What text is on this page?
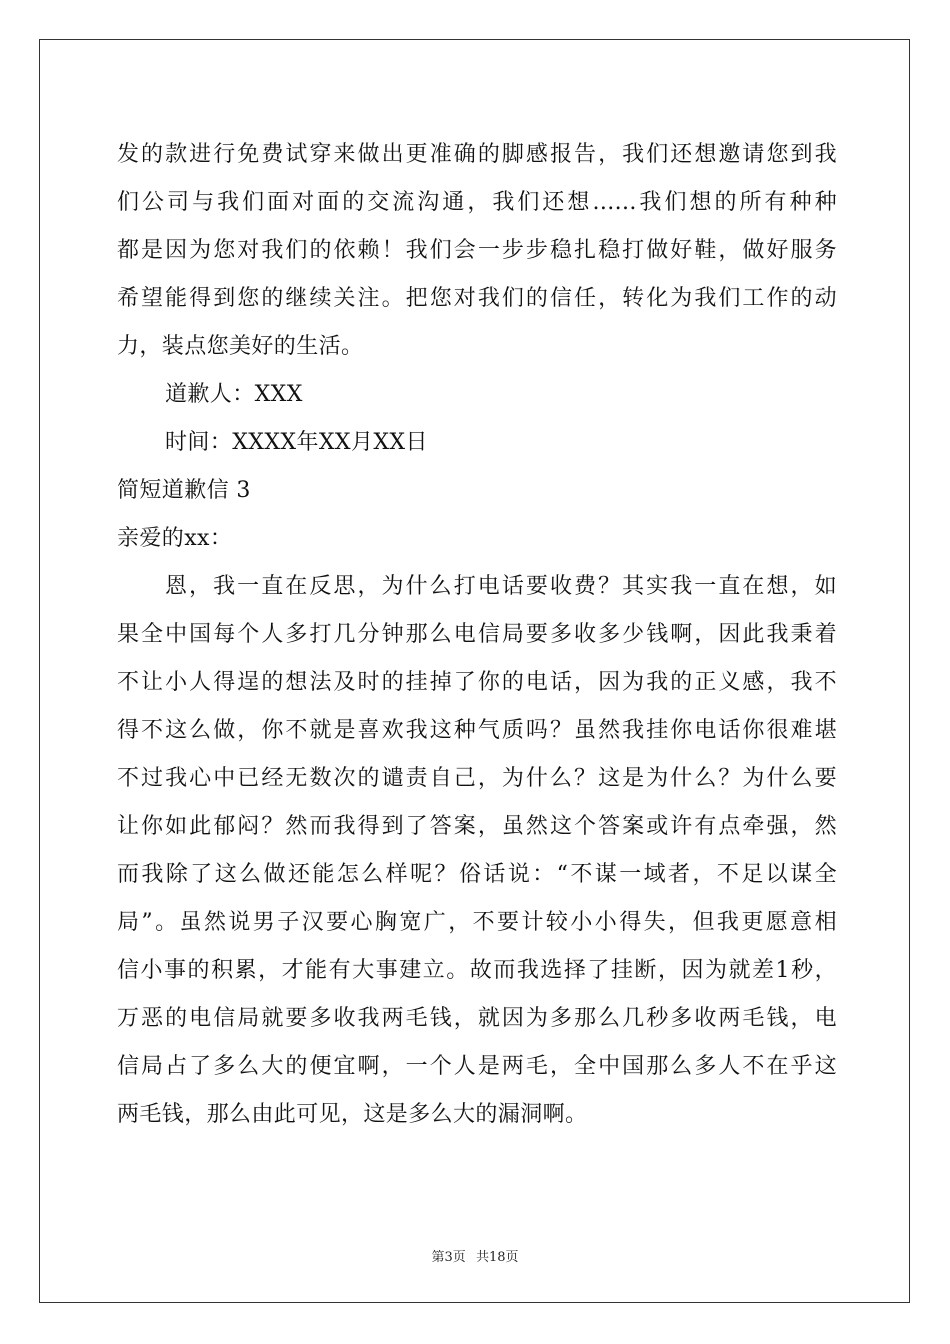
发的款进行免费试穿来做出更准确的脚感报告，我们还想邀请您到我
们公司与我们面对面的交流沟通，我们还想......我们想的所有种种
都是因为您对我们的依赖！我们会一步步稳扎稳打做好鞋，做好服务
希望能得到您的继续关注。把您对我们的信任，转化为我们工作的动
力，装点您美好的生活。
道歉人：XXX
时间：XXXX年XX月XX日
简短道歉信 3
亲爱的xx：
恩，我一直在反思，为什么打电话要收费？其实我一直在想，如
果全中国每个人多打几分钟那么电信局要多收多少钱啊，因此我秉着
不让小人得逞的想法及时的挂掉了你的电话，因为我的正义感，我不
得不这么做，你不就是喜欢我这种气质吗？虽然我挂你电话你很难堪
不过我心中已经无数次的谴责自己，为什么？这是为什么？为什么要
让你如此郁闷？然而我得到了答案，虽然这个答案或许有点牵强，然
而我除了这么做还能怎么样呢？俗话说：“不谋一域者，不足以谋全
局”。虽然说男子汉要心胸宽广，不要计较小小得失，但我更愿意相
信小事的积累，才能有大事建立。故而我选择了挂断，因为就差1秒，
万恶的电信局就要多收我两毛钱，就因为多那么几秒多收两毛钱，电
信局占了多么大的便宜啊，一个人是两毛，全中国那么多人不在乎这
两毛钱，那么由此可见，这是多么大的漏洞啊。
第3页 共18页
